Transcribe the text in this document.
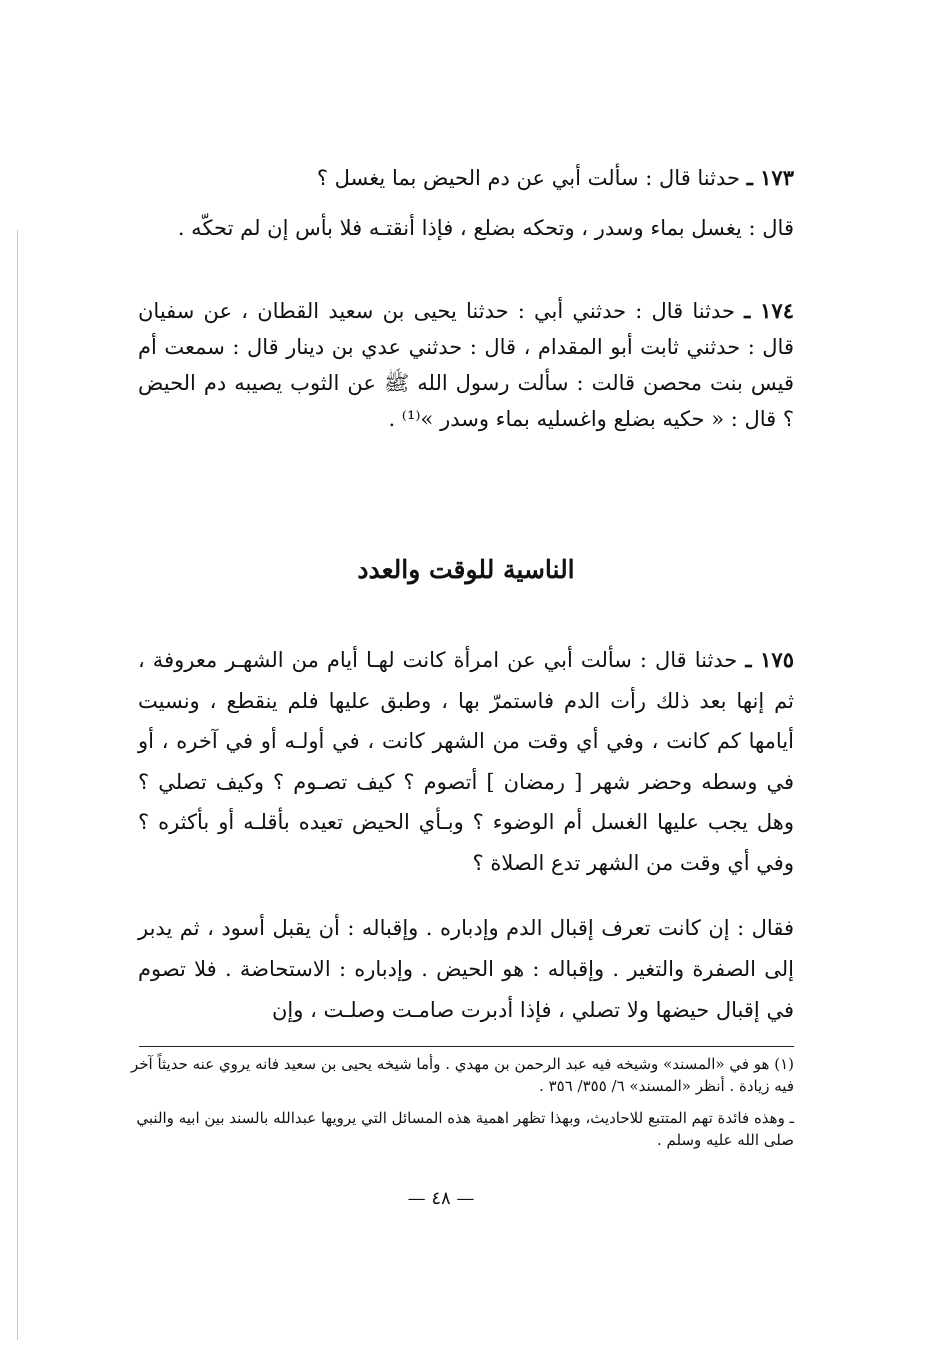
١٧٣ ـ حدثنا قال : سألت أبي عن دم الحيض بما يغسل ؟

قال : يغسل بماء وسدر ، وتحكه بضلع ، فإذا أنقتـه فلا بأس إن لم تحكّه .

١٧٤ ـ حدثنا قال : حدثني أبي : حدثنا يحيى بن سعيد القطان ، عن سفيان قال : حدثني ثابت أبو المقدام ، قال : حدثني عدي بن دينار قال : سمعت أم قيس بنت محصن قالت : سألت رسول الله ﷺ عن الثوب يصيبه دم الحيض ؟ قال : « حكيه بضلع واغسليه بماء وسدر »⁽¹⁾ .

الناسية للوقت والعدد

١٧٥ ـ حدثنا قال : سألت أبي عن امرأة كانت لهـا أيام من الشهـر معروفة ، ثم إنها بعد ذلك رأت الدم فاستمرّ بها ، وطبق عليها فلم ينقطع ، ونسيت أيامها كم كانت ، وفي أي وقت من الشهر كانت ، في أولـه أو في آخره ، أو في وسطه وحضر شهر [ رمضان ] أتصوم ؟ كيف تصـوم ؟ وكيف تصلي ؟ وهل يجب عليها الغسل أم الوضوء ؟ وبـأي الحيض تعيده بأقلـه أو بأكثره ؟ وفي أي وقت من الشهر تدع الصلاة ؟

فقال : إن كانت تعرف إقبال الدم وإدباره . وإقباله : أن يقبل أسود ، ثم يدبر إلى الصفرة والتغير . وإقباله : هو الحيض . وإدباره : الاستحاضة . فلا تصوم في إقبال حيضها ولا تصلي ، فإذا أدبرت صامـت وصلـت ، وإن

(١) هو في «المسند» وشيخه فيه عبد الرحمن بن مهدي . وأما شيخه يحيى بن سعيد فانه يروي عنه حديثاً آخر فيه زيادة . أنظر «المسند» ٦/ ٣٥٥/ ٣٥٦ .

ـ وهذه فائدة تهم المتتبع للاحاديث، وبهذا تظهر اهمية هذه المسائل التي يرويها عبدالله بالسند بين ابيه والنبي صلى الله عليه وسلم .

— ٤٨ —
